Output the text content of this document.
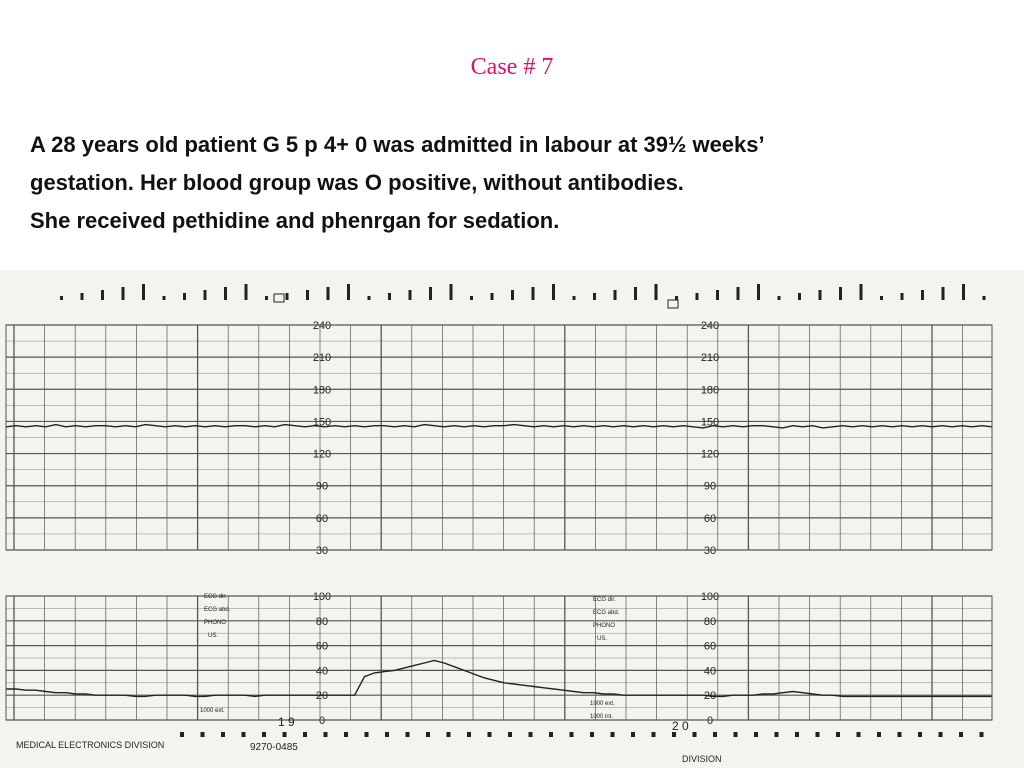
Case # 7
A 28 years old patient G 5 p 4+ 0 was admitted in labour at 39½ weeks’
gestation. Her blood group was O positive, without antibodies.
She received pethidine and phenrgan for sedation.
240
210
180
150
120
90
60
30
240
210
180
150
120
90
60
30
100
80
60
40
20
0
100
80
60
40
20
0
MEDICAL ELECTRONICS DIVISION	9270-0485
DIVISION
1 9	2 0
ECG dir.
ECG abd.
PHONO
US.
ECG dir.
ECG abd.
PHONO
US.
1000 ext.
1000 ext.
1000 int.
